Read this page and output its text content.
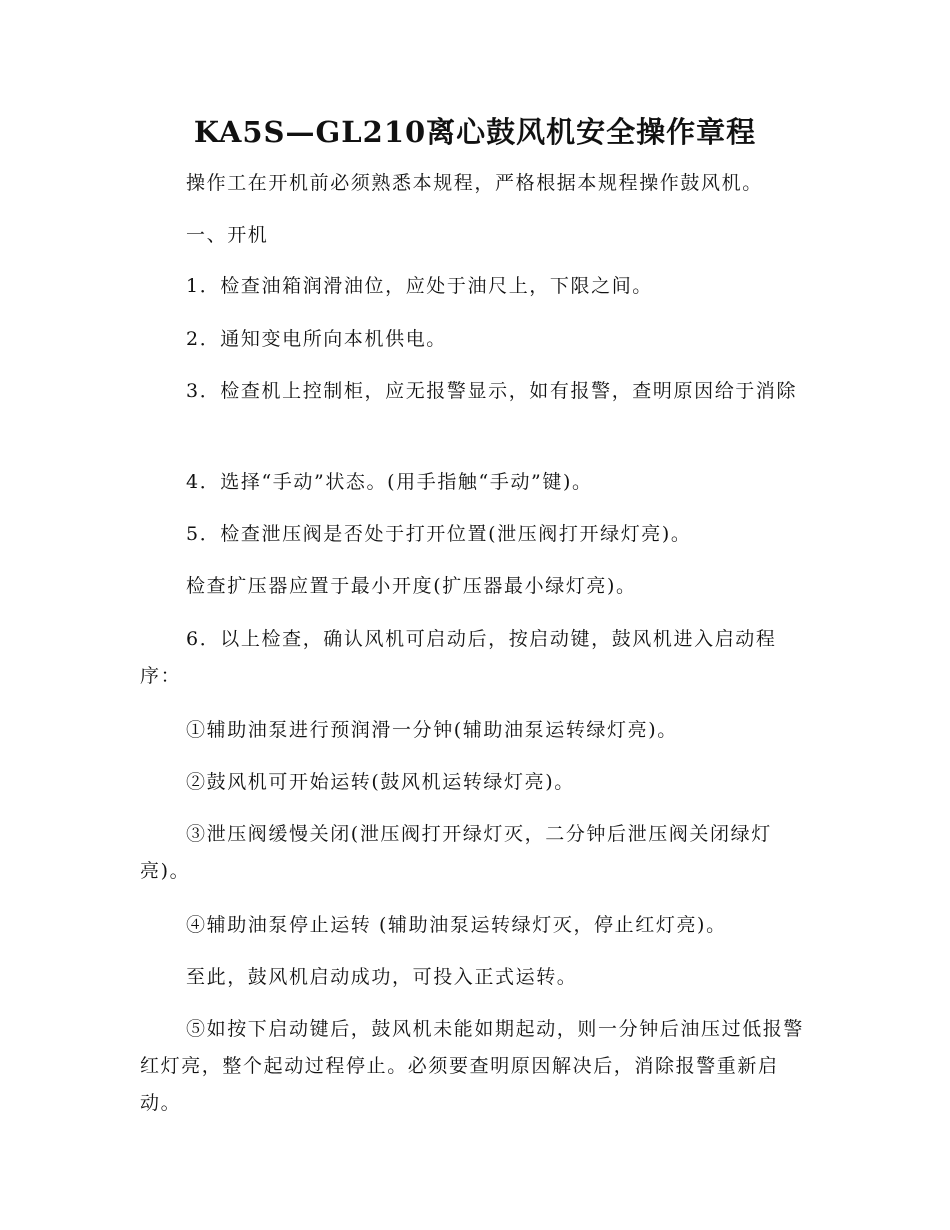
KA5S—GL210离心鼓风机安全操作章程

操作工在开机前必须熟悉本规程，严格根据本规程操作鼓风机。

一、开机

1．检查油箱润滑油位，应处于油尺上，下限之间。

2．通知变电所向本机供电。

3．检查机上控制柜，应无报警显示，如有报警，查明原因给于消除

4．选择“手动”状态。(用手指触“手动”键)。

5．检查泄压阀是否处于打开位置(泄压阀打开绿灯亮)。

检查扩压器应置于最小开度(扩压器最小绿灯亮)。

6．以上检查，确认风机可启动后，按启动键，鼓风机进入启动程序：

①辅助油泵进行预润滑一分钟(辅助油泵运转绿灯亮)。

②鼓风机可开始运转(鼓风机运转绿灯亮)。

③泄压阀缓慢关闭(泄压阀打开绿灯灭，二分钟后泄压阀关闭绿灯亮)。

④辅助油泵停止运转 (辅助油泵运转绿灯灭，停止红灯亮)。

至此，鼓风机启动成功，可投入正式运转。

⑤如按下启动键后，鼓风机未能如期起动，则一分钟后油压过低报警红灯亮，整个起动过程停止。必须要查明原因解决后，消除报警重新启动。
